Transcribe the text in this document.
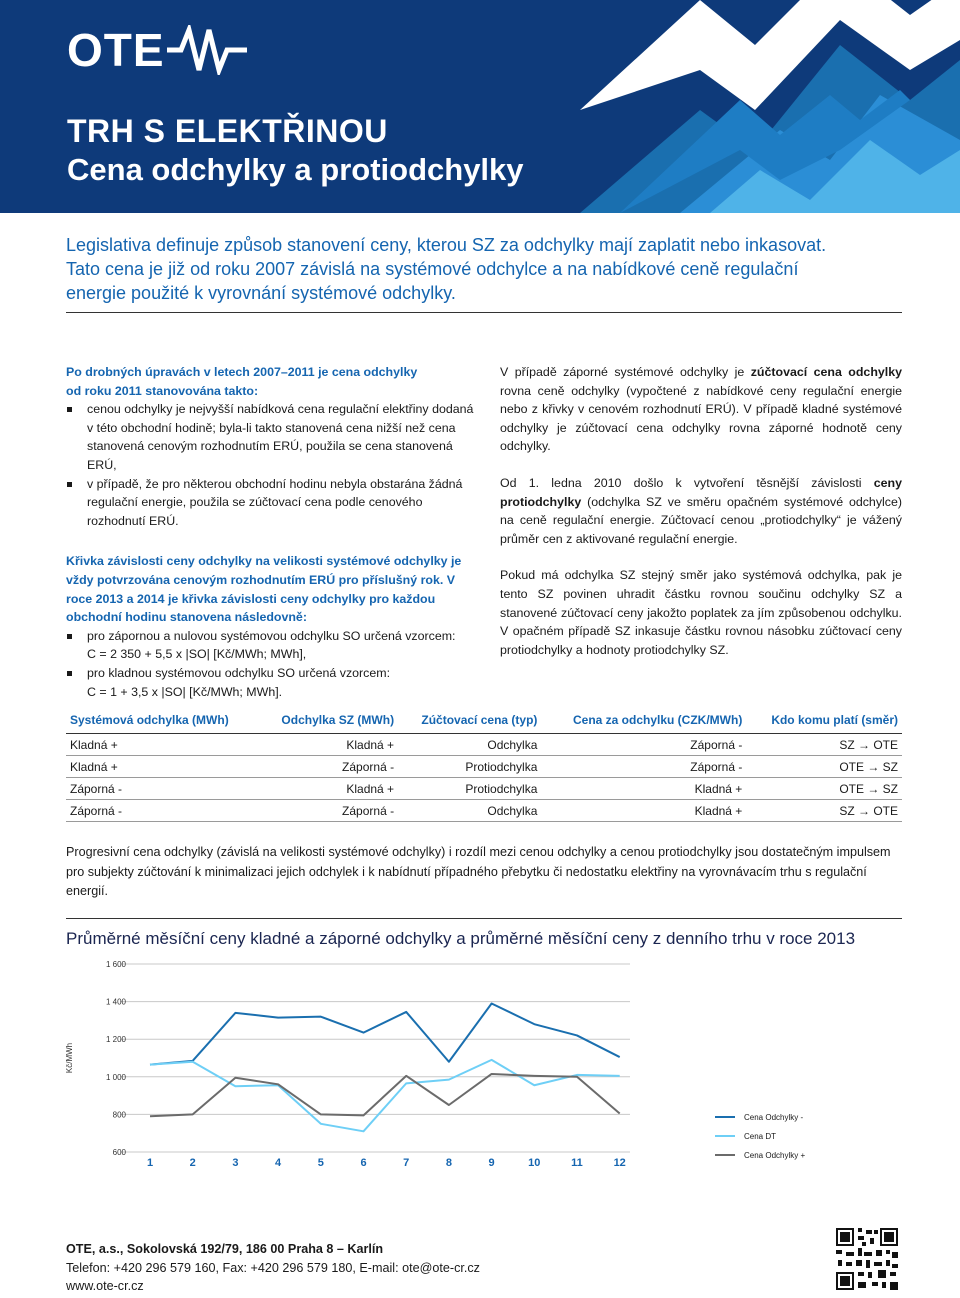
OTE
TRH S ELEKTŘINOU
Cena odchylky a protiodchylky

Legislativa definuje způsob stanovení ceny, kterou SZ za odchylky mají zaplatit nebo inkasovat.
Tato cena je již od roku 2007 závislá na systémové odchylce a na nabídkové ceně regulační
energie použité k vyrovnání systémové odchylky.

Po drobných úpravách v letech 2007–2011 je cena odchylky
od roku 2011 stanovována takto:

cenou odchylky je nejvyšší nabídková cena regulační elektřiny dodaná v této obchodní hodině; byla-li takto stanovená cena nižší než cena stanovená cenovým rozhodnutím ERÚ, použila se cena stanovená ERÚ,
v případě, že pro některou obchodní hodinu nebyla obstarána žádná regulační energie, použila se zúčtovací cena podle cenového rozhodnutí ERÚ.

Křivka závislosti ceny odchylky na velikosti systémové odchylky je vždy potvrzována cenovým rozhodnutím ERÚ pro příslušný rok. V roce 2013 a 2014 je křivka závislosti ceny odchylky pro každou obchodní hodinu stanovena následovně:

pro zápornou a nulovou systémovou odchylku SO určená vzorcem:
C = 2 350 + 5,5 x |SO| [Kč/MWh; MWh],
pro kladnou systémovou odchylku SO určená vzorcem:
C = 1 + 3,5 x |SO| [Kč/MWh; MWh].

V případě záporné systémové odchylky je zúčtovací cena odchylky rovna ceně odchylky (vypočtené z nabídkové ceny regulační energie nebo z křivky v cenovém rozhodnutí ERÚ). V případě kladné systémové odchylky je zúčtovací cena odchylky rovna záporné hodnotě ceny odchylky.

Od 1. ledna 2010 došlo k vytvoření těsnější závislosti ceny protiodchylky (odchylka SZ ve směru opačném systémové odchylce) na ceně regulační energie. Zúčtovací cenou „protiodchylky“ je vážený průměr cen z aktivované regulační energie.

Pokud má odchylka SZ stejný směr jako systémová odchylka, pak je tento SZ povinen uhradit částku rovnou součinu odchylky SZ a stanovené zúčtovací ceny jakožto poplatek za jím způsobenou odchylku. V opačném případě SZ inkasuje částku rovnou násobku zúčtovací ceny protiodchylky a hodnoty protiodchylky SZ.

Systémová odchylka (MWh)	Odchylka SZ (MWh)	Zúčtovací cena (typ)	Cena za odchylku (CZK/MWh)	Kdo komu platí (směr)
Kladná +	Kladná +	Odchylka	Záporná -	SZ → OTE
Kladná +	Záporná -	Protiodchylka	Záporná -	OTE → SZ
Záporná -	Kladná +	Protiodchylka	Kladná +	OTE → SZ
Záporná -	Záporná -	Odchylka	Kladná +	SZ → OTE

Progresivní cena odchylky (závislá na velikosti systémové odchylky) i rozdíl mezi cenou odchylky a cenou protiodchylky jsou dostatečným impulsem pro subjekty zúčtování k minimalizaci jejich odchylek i k nabídnutí případného přebytku či nedostatku elektřiny na vyrovnávacím trhu s regulační energií.

Průměrné měsíční ceny kladné a záporné odchylky a průměrné měsíční ceny z denního trhu v roce 2013

600
800
1 000
1 200
1 400
1 600
Kč/MWh
1	2	3	4	5	6	7	8	9	10	11	12
Cena Odchylky -
Cena DT
Cena Odchylky +

OTE, a.s., Sokolovská 192/79, 186 00 Praha 8 – Karlín

Telefon: +420 296 579 160, Fax: +420 296 579 180, E-mail: ote@ote-cr.cz

www.ote-cr.cz
